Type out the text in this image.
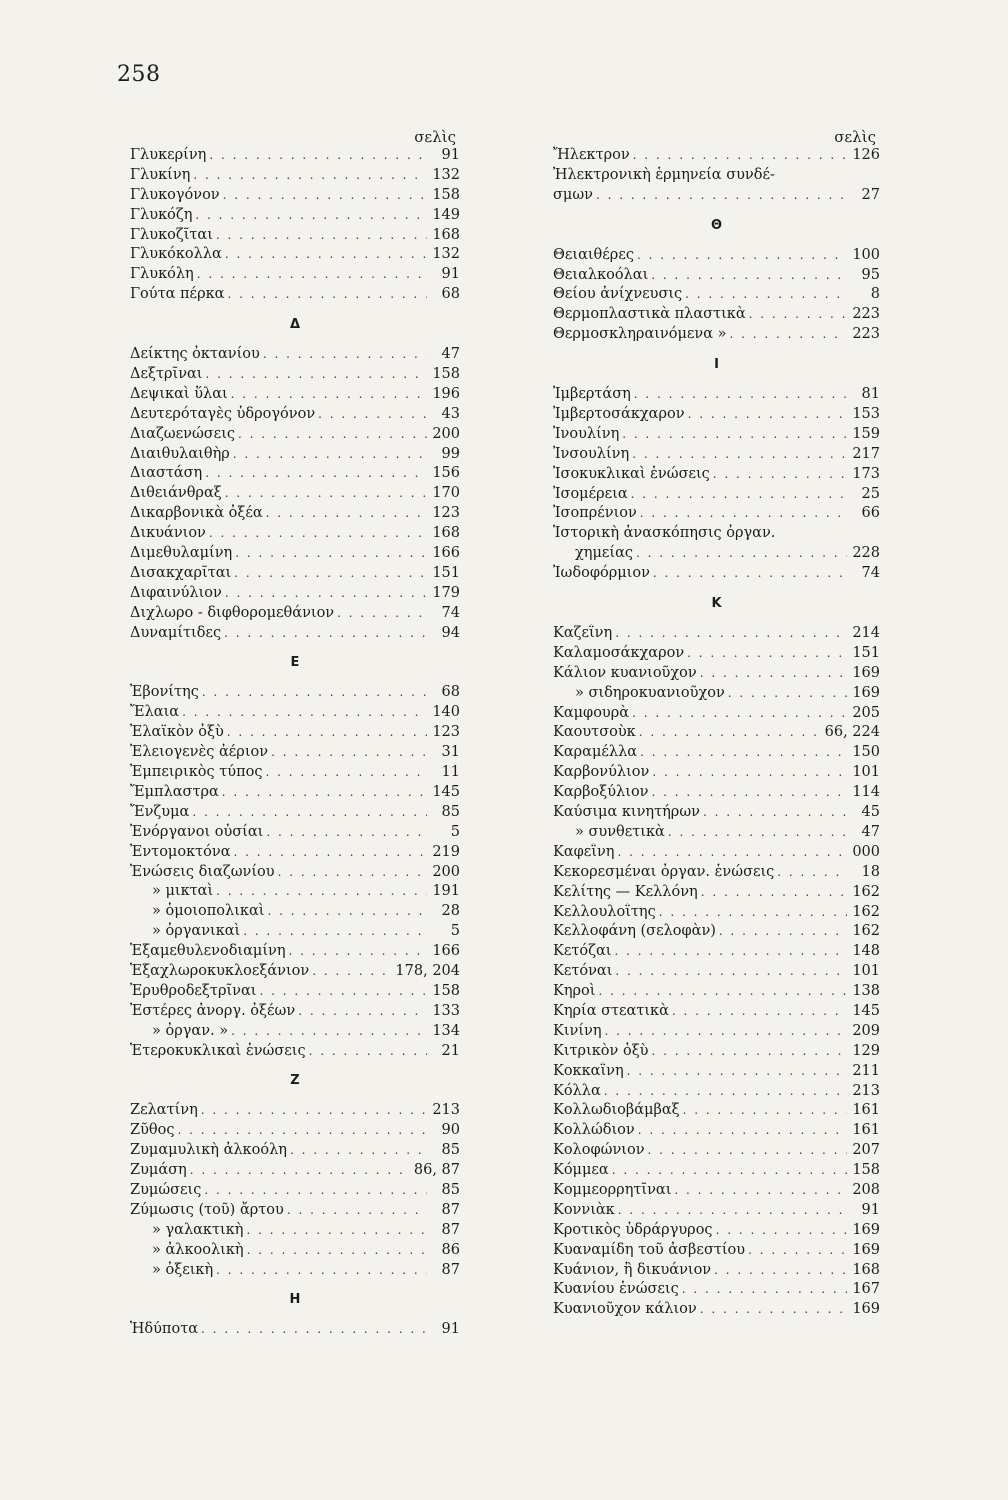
258
σελὶς
Γλυκερίνη . . .	91
Γλυκίνη . . .	132
Γλυκογόνον . . .	158
Γλυκόζη . . .	149
Γλυκοζῖται . . .	168
Γλυκόκολλα . . .	132
Γλυκόλη . . .	91
Γούτα πέρκα . . .	68
Δ
Δείκτης ὀκτανίου . . .	47
Δεξτρῖναι . . .	158
Δεψικαὶ ὕλαι . . .	196
Δευτερόταγὲς ὑδρογόνον . . .	43
Διαζωενώσεις . . .	200
Διαιθυλαιθὴρ . . .	99
Διαστάση . . .	156
Διθειάνθραξ . . .	170
Δικαρβονικὰ ὀξέα . . .	123
Δικυάνιον . . .	168
Διμεθυλαμίνη . . .	166
Δισακχαρῖται . . .	151
Διφαινύλιον . . .	179
Διχλωρο - διφθορομεθάνιον . . .	74
Δυναμίτιδες . . .	94
Ε
Ἐβονίτης . . .	68
Ἔλαια . . .	140
Ἐλαϊκὸν ὀξὺ . . .	123
Ἐλειογενὲς ἀέριον . . .	31
Ἐμπειρικὸς τύπος . . .	11
Ἔμπλαστρα . . .	145
Ἔνζυμα . . .	85
Ἐνόργανοι οὐσίαι . . .	5
Ἐντομοκτόνα . . .	219
Ἑνώσεις διαζωνίου . . .	200
» μικταὶ . . .	191
» ὁμοιοπολικαὶ . . .	28
» ὀργανικαὶ . . .	5
Ἑξαμεθυλενοδιαμίνη . . .	166
Ἑξαχλωροκυκλοεξάνιον . . .	178, 204
Ἐρυθροδεξτρῖναι . . .	158
Ἐστέρες ἀνοργ. ὀξέων . . .	133
» ὀργαν. » . . .	134
Ἑτεροκυκλικαὶ ἑνώσεις . . .	21
Ζ
Ζελατίνη . . .	213
Ζῦθος . . .	90
Ζυμαμυλικὴ ἀλκοόλη . . .	85
Ζυμάση . . .	86, 87
Ζυμώσεις . . .	85
Ζύμωσις (τοῦ) ἄρτου . . .	87
» γαλακτικὴ . . .	87
» ἀλκοολικὴ . . .	86
» ὀξεικὴ . . .	87
Η
Ἡδύποτα . . .	91
σελὶς
Ἤλεκτρον . . .	126
Ἠλεκτρονικὴ ἑρμηνεία συνδέ-
σμων . . .	27
Θ
Θειαιθέρες . . .	100
Θειαλκοόλαι . . .	95
Θείου ἀνίχνευσις . . .	8
Θερμοπλαστικὰ πλαστικὰ . . .	223
Θερμοσκληραινόμενα » . . .	223
Ι
Ἰμβερτάση . . .	81
Ἰμβερτοσάκχαρον . . .	153
Ἰνουλίνη . . .	159
Ἰνσουλίνη . . .	217
Ἰσοκυκλικαὶ ἑνώσεις . . .	173
Ἰσομέρεια . . .	25
Ἰσοπρένιον . . .	66
Ἱστορικὴ ἀνασκόπησις ὀργαν.
χημείας . . .	228
Ἰωδοφόρμιον . . .	74
Κ
Καζεΐνη . . .	214
Καλαμοσάκχαρον . . .	151
Κάλιον κυανιοῦχον . . .	169
» σιδηροκυανιοῦχον . . .	169
Καμφουρὰ . . .	205
Καουτσοὺκ . . .	66, 224
Καραμέλλα . . .	150
Καρβονύλιον . . .	101
Καρβοξύλιον . . .	114
Καύσιμα κινητήρων . . .	45
» συνθετικὰ . . .	47
Καφεΐνη . . .	000
Κεκορεσμέναι ὀργαν. ἑνώσεις . . .	18
Κελίτης — Κελλόνη . . .	162
Κελλουλοΐτης . . .	162
Κελλοφάνη (σελοφὰν) . . .	162
Κετόζαι . . .	148
Κετόναι . . .	101
Κηροὶ . . .	138
Κηρία στεατικὰ . . .	145
Κινίνη . . .	209
Κιτρικὸν ὀξὺ . . .	129
Κοκκαΐνη . . .	211
Κόλλα . . .	213
Κολλωδιοβάμβαξ . . .	161
Κολλώδιον . . .	161
Κολοφώνιον . . .	207
Κόμμεα . . .	158
Κομμεορρητῖναι . . .	208
Κοννιὰκ . . .	91
Κροτικὸς ὑδράργυρος . . .	169
Κυαναμίδη τοῦ ἀσβεστίου . . .	169
Κυάνιον, ἢ δικυάνιον . . .	168
Κυανίου ἑνώσεις . . .	167
Κυανιοῦχον κάλιον . . .	169
